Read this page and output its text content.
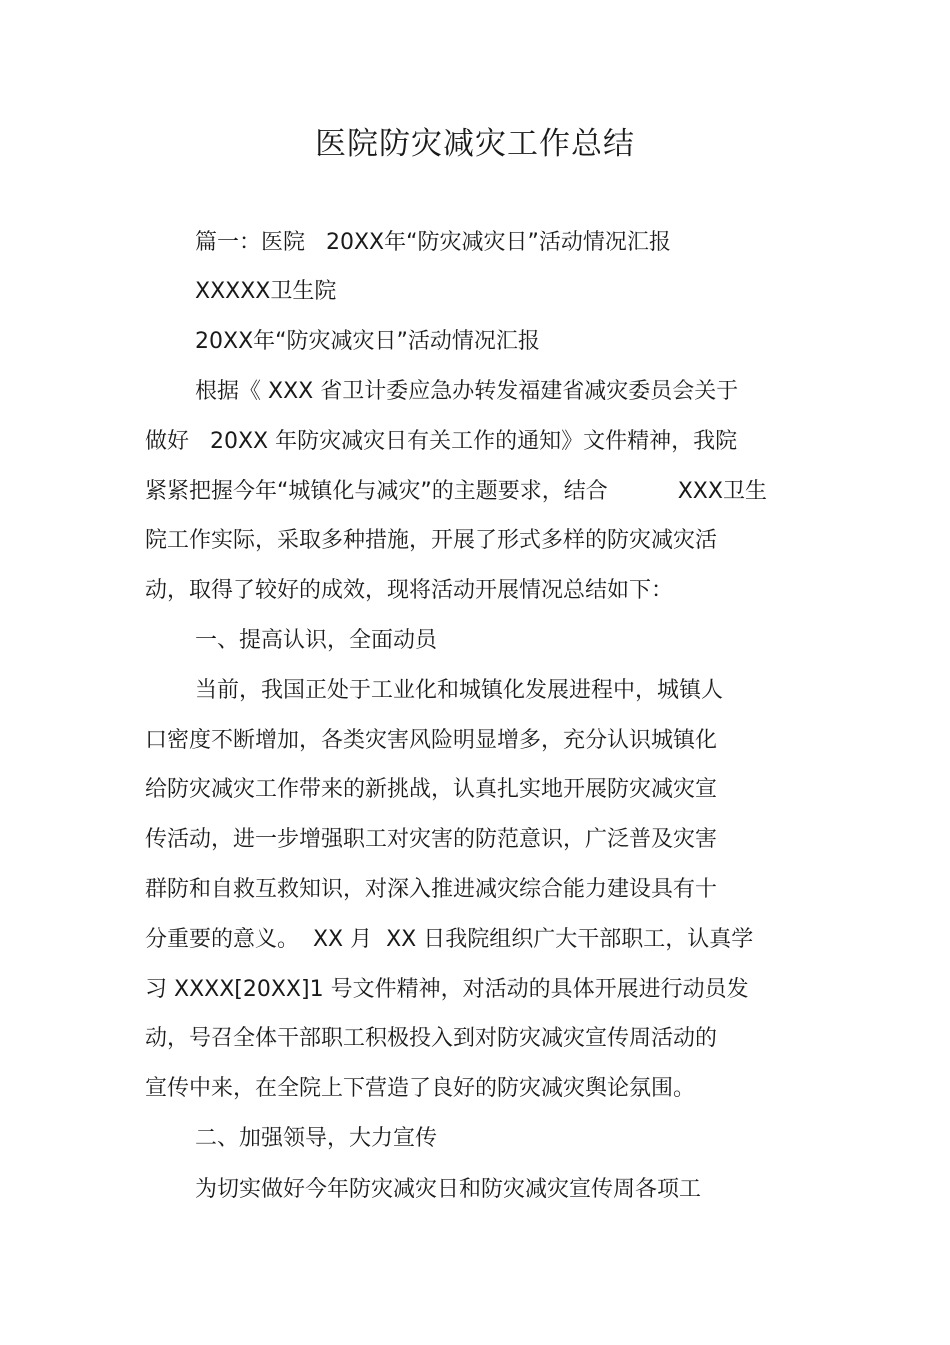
医院防灾减灾工作总结

篇一：医院   20XX年“防灾减灾日”活动情况汇报

XXXXX卫生院

20XX年“防灾减灾日”活动情况汇报

根据《 XXX 省卫计委应急办转发福建省减灾委员会关于

做好   20XX 年防灾减灾日有关工作的通知》文件精神，我院

紧紧把握今年“城镇化与减灾”的主题要求，结合          XXX卫生

院工作实际，采取多种措施，开展了形式多样的防灾减灾活

动，取得了较好的成效，现将活动开展情况总结如下：

一、提高认识，全面动员

当前，我国正处于工业化和城镇化发展进程中，城镇人

口密度不断增加，各类灾害风险明显增多，充分认识城镇化

给防灾减灾工作带来的新挑战，认真扎实地开展防灾减灾宣

传活动，进一步增强职工对灾害的防范意识，广泛普及灾害

群防和自救互救知识，对深入推进减灾综合能力建设具有十

分重要的意义。  XX 月  XX 日我院组织广大干部职工，认真学

习 XXXX[20XX]1 号文件精神，对活动的具体开展进行动员发

动，号召全体干部职工积极投入到对防灾减灾宣传周活动的

宣传中来，在全院上下营造了良好的防灾减灾舆论氛围。

二、加强领导，大力宣传

为切实做好今年防灾减灾日和防灾减灾宣传周各项工
